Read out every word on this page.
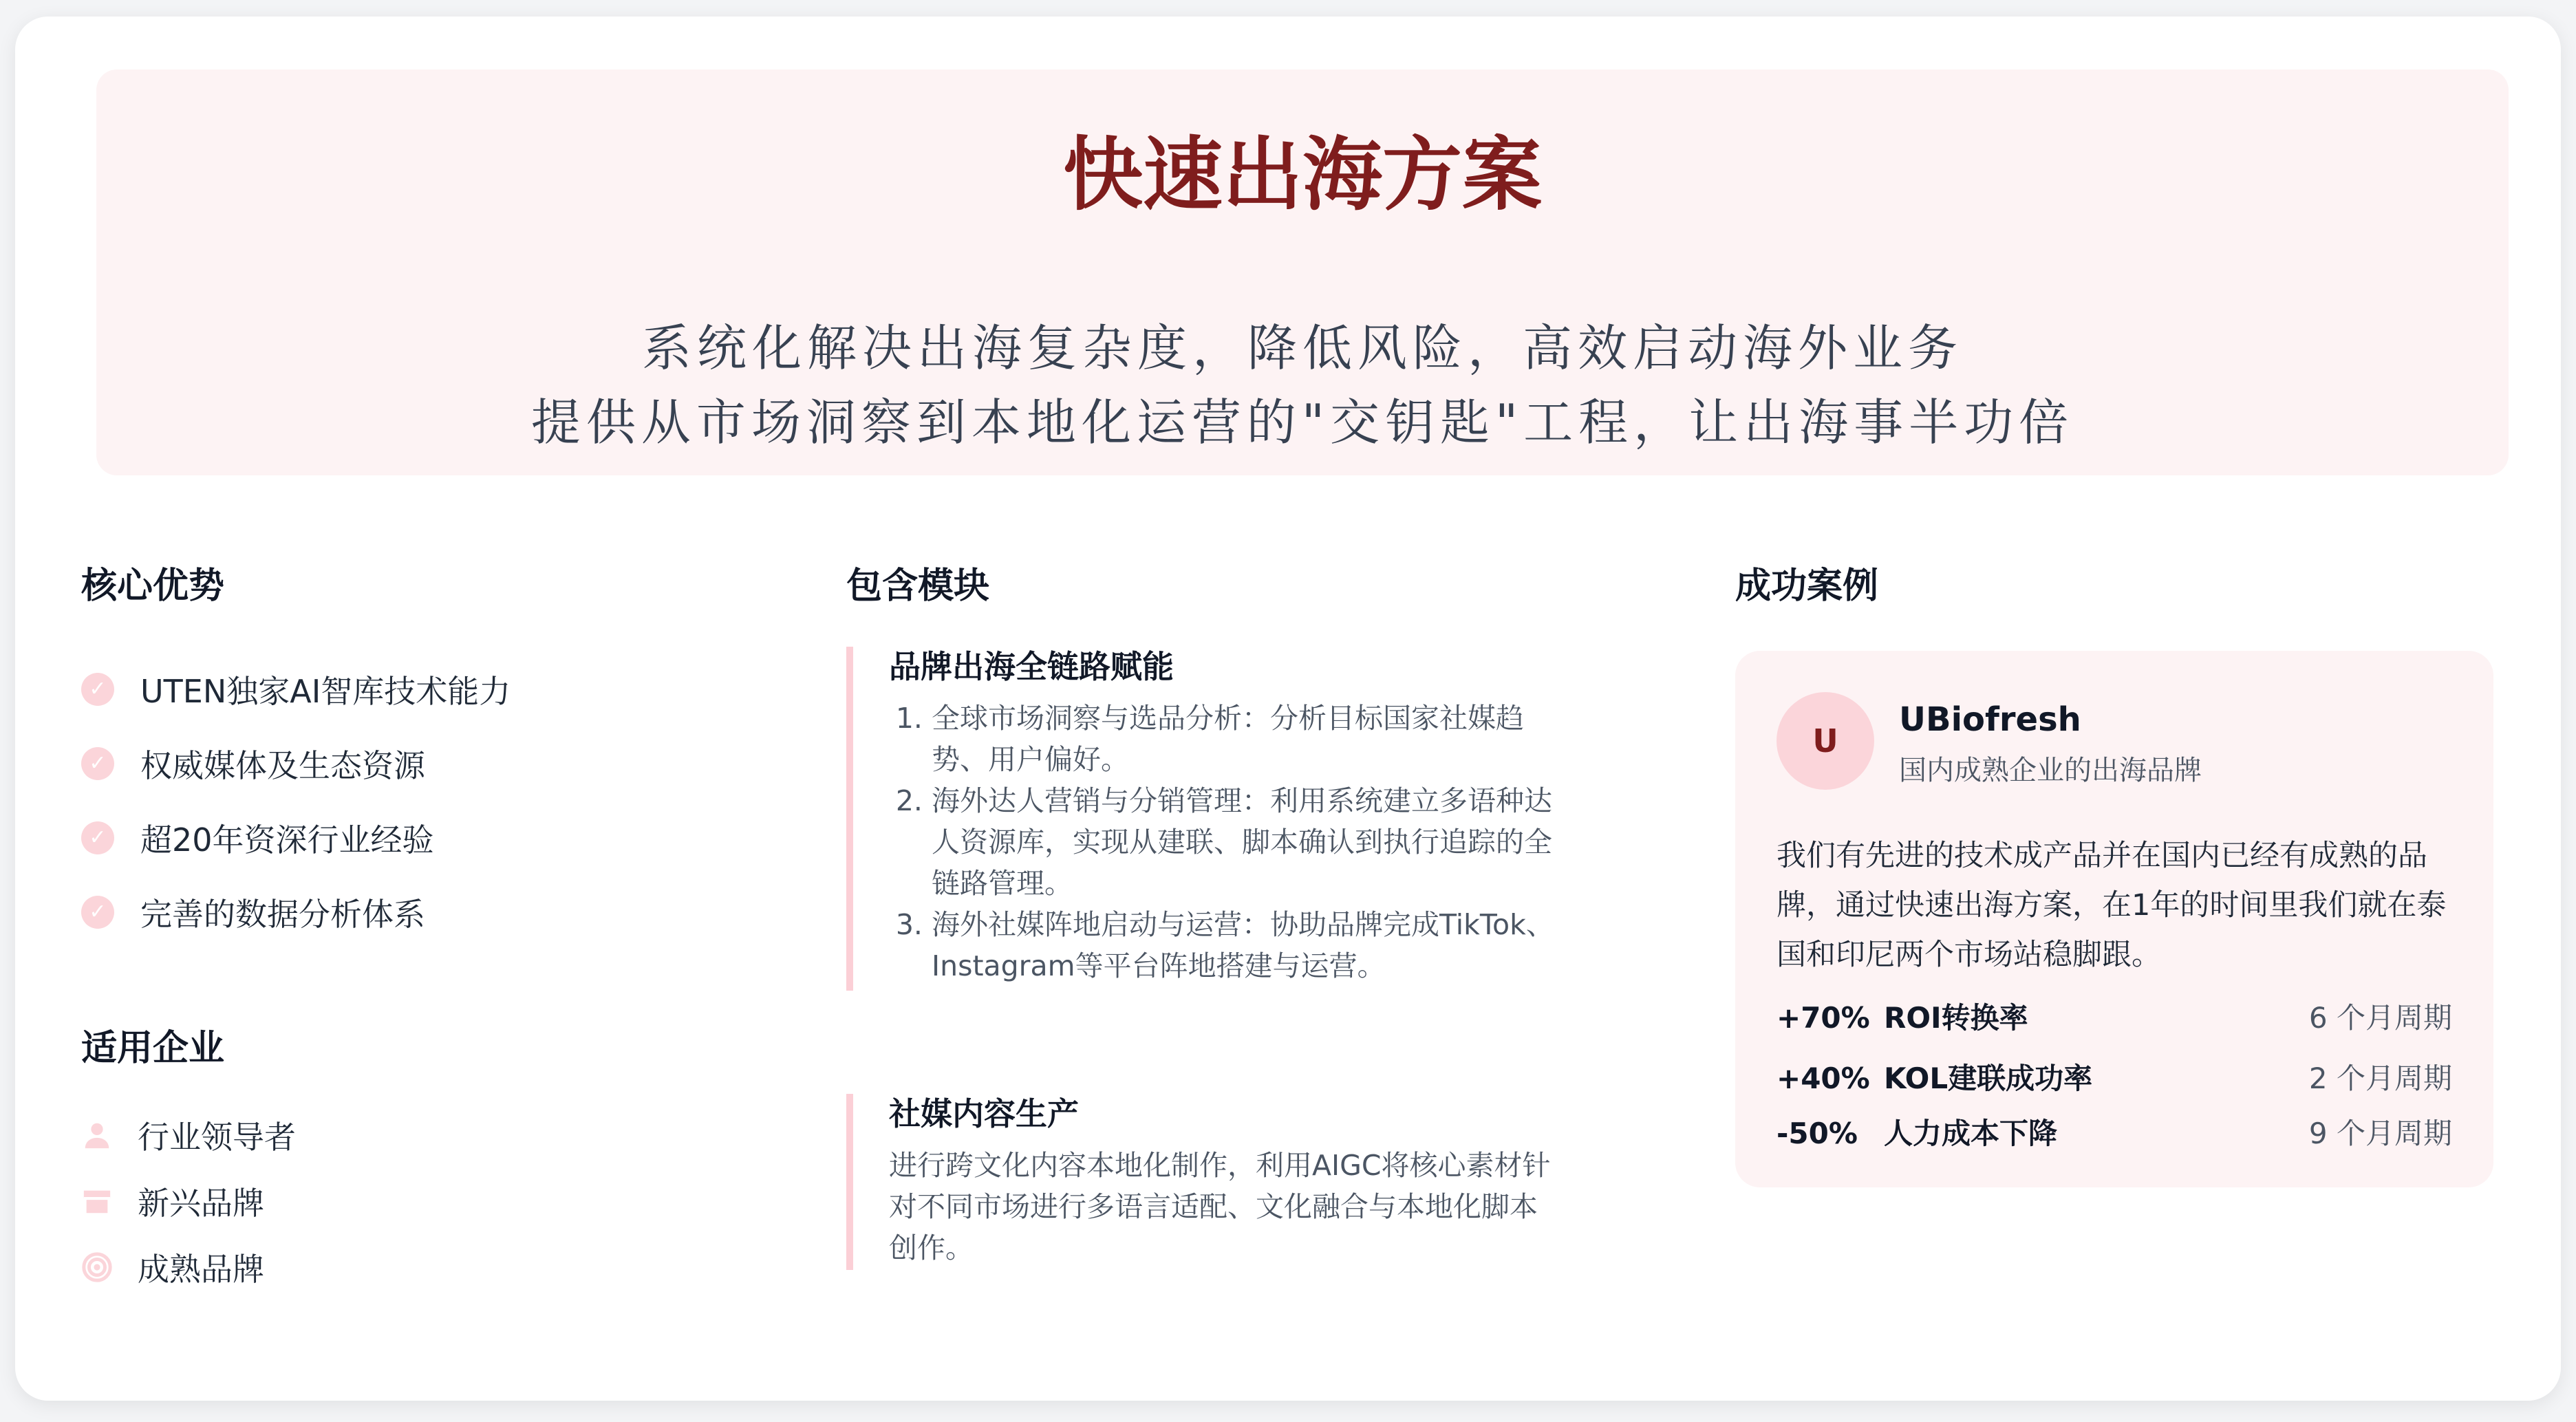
快速出海方案
系统化解决出海复杂度，降低风险，高效启动海外业务
提供从市场洞察到本地化运营的"交钥匙"工程，让出海事半功倍
核心优势
✓ UTEN独家AI智库技术能力
✓ 权威媒体及生态资源
✓ 超20年资深行业经验
✓ 完善的数据分析体系
适用企业
行业领导者
新兴品牌
成熟品牌
包含模块
品牌出海全链路赋能
1. 全球市场洞察与选品分析：分析目标国家社媒趋势、用户偏好。
2. 海外达人营销与分销管理：利用系统建立多语种达人资源库，实现从建联、脚本确认到执行追踪的全链路管理。
3. 海外社媒阵地启动与运营：协助品牌完成TikTok、Instagram等平台阵地搭建与运营。
社媒内容生产

进行跨文化内容本地化制作，利用AIGC将核心素材针对不同市场进行多语言适配、文化融合与本地化脚本创作。

成功案例
U
UBiofresh
国内成熟企业的出海品牌

我们有先进的技术成产品并在国内已经有成熟的品牌，通过快速出海方案，在1年的时间里我们就在泰国和印尼两个市场站稳脚跟。

+70% ROI转换率	6 个月周期
+40% KOL建联成功率	2 个月周期
-50% 人力成本下降	9 个月周期
